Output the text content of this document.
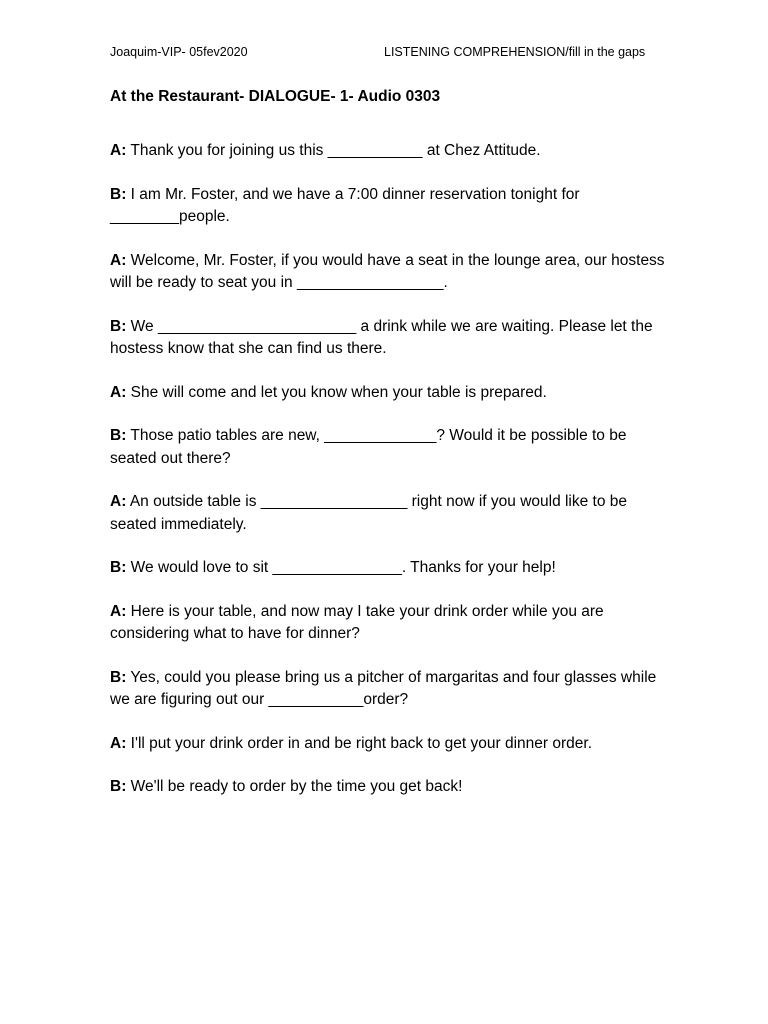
Joaquim-VIP- 05fev2020	LISTENING COMPREHENSION/fill in the gaps
At the Restaurant- DIALOGUE- 1- Audio 0303
A: Thank you for joining us this ___________ at Chez Attitude.
B: I am Mr. Foster, and we have a 7:00 dinner reservation tonight for ________people.
A: Welcome, Mr. Foster, if you would have a seat in the lounge area, our hostess will be ready to seat you in _________________.
B: We _______________________ a drink while we are waiting. Please let the hostess know that she can find us there.
A: She will come and let you know when your table is prepared.
B: Those patio tables are new, _____________? Would it be possible to be seated out there?
A: An outside table is _________________ right now if you would like to be seated immediately.
B: We would love to sit _______________. Thanks for your help!
A: Here is your table, and now may I take your drink order while you are considering what to have for dinner?
B: Yes, could you please bring us a pitcher of margaritas and four glasses while we are figuring out our ___________order?
A: I'll put your drink order in and be right back to get your dinner order.
B: We'll be ready to order by the time you get back!
